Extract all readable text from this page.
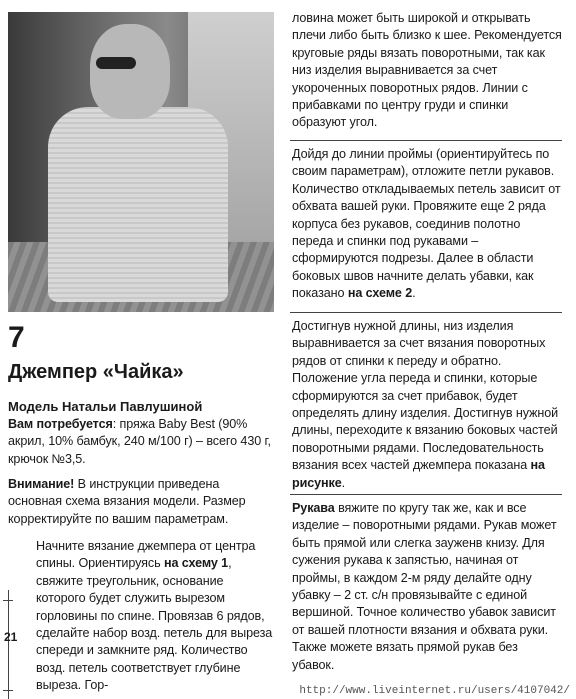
7
Джемпер «Чайка»
Модель Натальи Павлушиной

Вам потребуется: пряжа Baby Best (90% акрил, 10% бамбук, 240 м/100 г) – всего 430 г, крючок №3,5.

Внимание! В инструкции приведена основная схема вязания модели. Размер корректируйте по вашим параметрам.

Начните вязание джемпера от центра спины. Ориентируясь на схему 1, свяжите треугольник, основание которого будет служить вырезом горловины по спине. Провязав 6 рядов, сделайте набор возд. петель для выреза спереди и замкните ряд. Количество возд. петель соответствует глубине выреза. Гор-

ловина может быть широкой и открывать плечи либо быть близко к шее. Рекомендуется круговые ряды вязать поворотными, так как низ изделия выравнивается за счет укороченных поворотных рядов. Линии с прибавками по центру груди и спинки образуют угол.

Дойдя до линии проймы (ориентируйтесь по своим параметрам), отложите петли рукавов. Количество откладываемых петель зависит от обхвата вашей руки. Провяжите еще 2 ряда корпуса без рукавов, соединив полотно переда и спинки под рукавами – сформируются подрезы. Далее в области боковых швов начните делать убавки, как показано на схеме 2.

Достигнув нужной длины, низ изделия выравнивается за счет вязания поворотных рядов от спинки к переду и обратно. Положение угла переда и спинки, которые сформируются за счет прибавок, будет определять длину изделия. Достигнув нужной длины, переходите к вязанию боковых частей поворотными рядами. Последовательность вязания всех частей джемпера показана на рисунке.

Рукава вяжите по кругу так же, как и все изделие – поворотными рядами. Рукав может быть прямой или слегка зауженв книзу. Для сужения рукава к запястью, начиная от проймы, в каждом 2-м ряду делайте одну убавку – 2 ст. с/н провязывайте с единой вершиной. Точное количество убавок зависит от вашей плотности вязания и обхвата руки. Также можете вязать прямой рукав без убавок.

21
http://www.liveinternet.ru/users/4107042/
